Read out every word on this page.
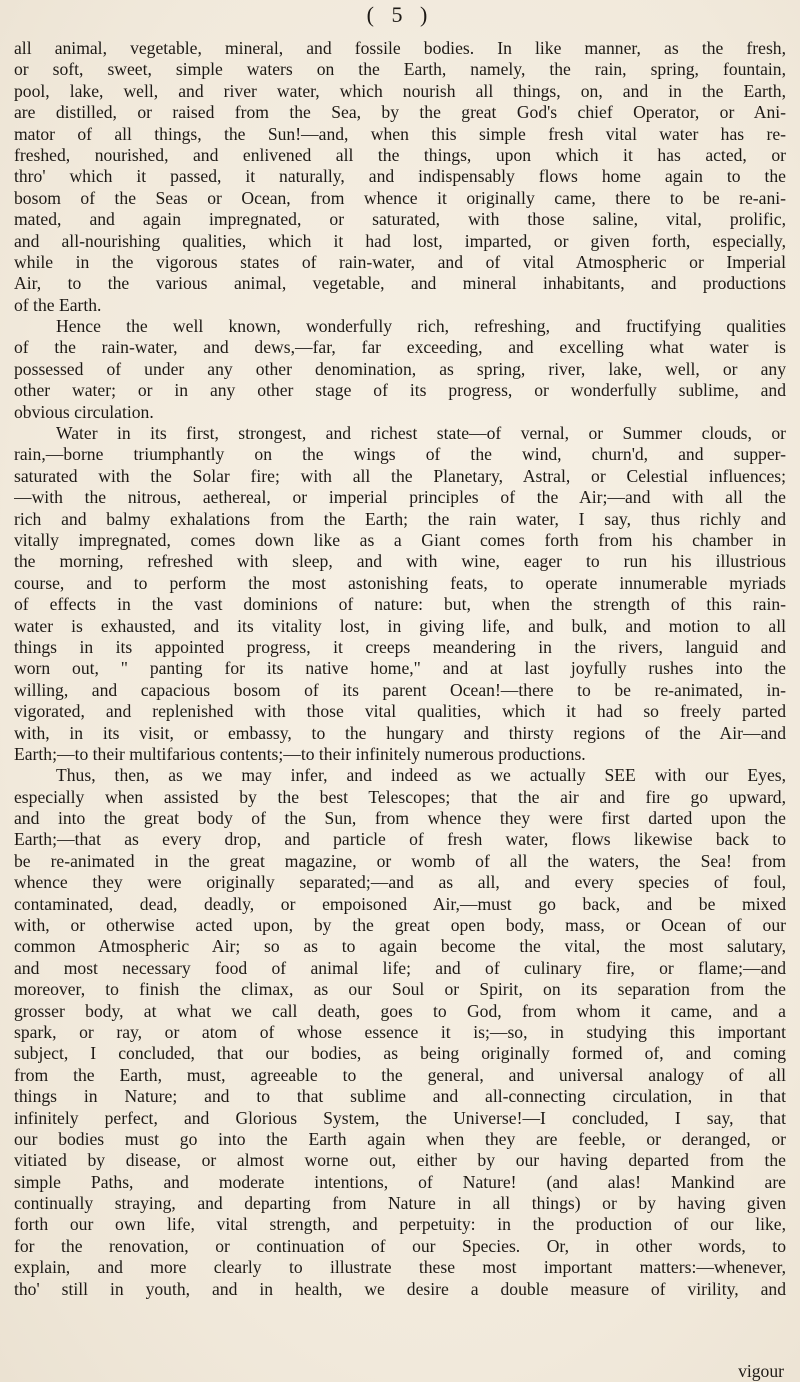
( 5 )
all animal, vegetable, mineral, and fossile bodies. In like manner, as the fresh,
or soft, sweet, simple waters on the Earth, namely, the rain, spring, fountain,
pool, lake, well, and river water, which nourish all things, on, and in the Earth,
are distilled, or raised from the Sea, by the great God's chief Operator, or Ani-
mator of all things, the Sun!—and, when this simple fresh vital water has re-
freshed, nourished, and enlivened all the things, upon which it has acted, or
thro' which it passed, it naturally, and indispensably flows home again to the
bosom of the Seas or Ocean, from whence it originally came, there to be re-ani-
mated, and again impregnated, or saturated, with those saline, vital, prolific,
and all-nourishing qualities, which it had lost, imparted, or given forth, especially,
while in the vigorous states of rain-water, and of vital Atmospheric or Imperial
Air, to the various animal, vegetable, and mineral inhabitants, and productions
of the Earth.
Hence the well known, wonderfully rich, refreshing, and fructifying qualities
of the rain-water, and dews,—far, far exceeding, and excelling what water is
possessed of under any other denomination, as spring, river, lake, well, or any
other water; or in any other stage of its progress, or wonderfully sublime, and
obvious circulation.
Water in its first, strongest, and richest state—of vernal, or Summer clouds, or
rain,—borne triumphantly on the wings of the wind, churn'd, and supper-
saturated with the Solar fire; with all the Planetary, Astral, or Celestial influences;
—with the nitrous, aethereal, or imperial principles of the Air;—and with all the
rich and balmy exhalations from the Earth; the rain water, I say, thus richly and
vitally impregnated, comes down like as a Giant comes forth from his chamber in
the morning, refreshed with sleep, and with wine, eager to run his illustrious
course, and to perform the most astonishing feats, to operate innumerable myriads
of effects in the vast dominions of nature: but, when the strength of this rain-
water is exhausted, and its vitality lost, in giving life, and bulk, and motion to all
things in its appointed progress, it creeps meandering in the rivers, languid and
worn out, " panting for its native home," and at last joyfully rushes into the
willing, and capacious bosom of its parent Ocean!—there to be re-animated, in-
vigorated, and replenished with those vital qualities, which it had so freely parted
with, in its visit, or embassy, to the hungary and thirsty regions of the Air—and
Earth;—to their multifarious contents;—to their infinitely numerous productions.
Thus, then, as we may infer, and indeed as we actually SEE with our Eyes,
especially when assisted by the best Telescopes; that the air and fire go upward,
and into the great body of the Sun, from whence they were first darted upon the
Earth;—that as every drop, and particle of fresh water, flows likewise back to
be re-animated in the great magazine, or womb of all the waters, the Sea! from
whence they were originally separated;—and as all, and every species of foul,
contaminated, dead, deadly, or empoisoned Air,—must go back, and be mixed
with, or otherwise acted upon, by the great open body, mass, or Ocean of our
common Atmospheric Air; so as to again become the vital, the most salutary,
and most necessary food of animal life; and of culinary fire, or flame;—and
moreover, to finish the climax, as our Soul or Spirit, on its separation from the
grosser body, at what we call death, goes to God, from whom it came, and a
spark, or ray, or atom of whose essence it is;—so, in studying this important
subject, I concluded, that our bodies, as being originally formed of, and coming
from the Earth, must, agreeable to the general, and universal analogy of all
things in Nature; and to that sublime and all-connecting circulation, in that
infinitely perfect, and Glorious System, the Universe!—I concluded, I say, that
our bodies must go into the Earth again when they are feeble, or deranged, or
vitiated by disease, or almost worne out, either by our having departed from the
simple Paths, and moderate intentions, of Nature! (and alas! Mankind are
continually straying, and departing from Nature in all things) or by having given
forth our own life, vital strength, and perpetuity: in the production of our like,
for the renovation, or continuation of our Species. Or, in other words, to
explain, and more clearly to illustrate these most important matters:—whenever,
tho' still in youth, and in health, we desire a double measure of virility, and
vigour
